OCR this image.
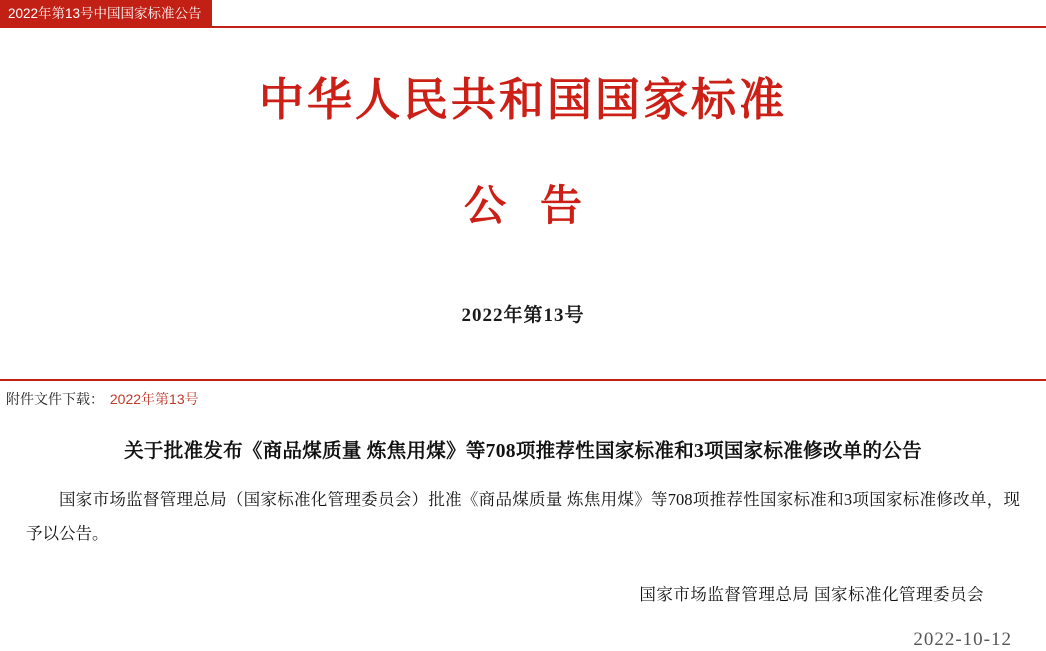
2022年第13号中国国家标准公告
中华人民共和国国家标准
公告
2022年第13号
附件文件下载： 2022年第13号
关于批准发布《商品煤质量 炼焦用煤》等708项推荐性国家标准和3项国家标准修改单的公告
国家市场监督管理总局（国家标准化管理委员会）批准《商品煤质量 炼焦用煤》等708项推荐性国家标准和3项国家标准修改单，现予以公告。
国家市场监督管理总局 国家标准化管理委员会
2022-10-12
